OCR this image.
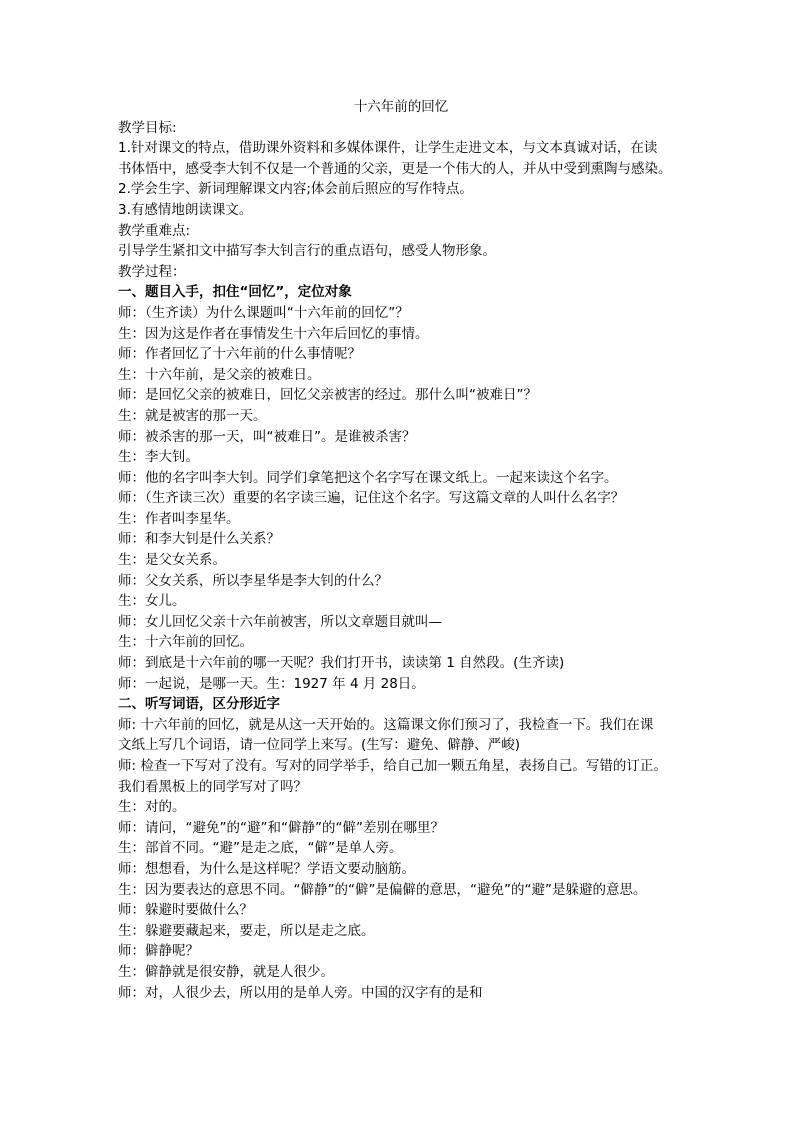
十六年前的回忆

教学目标:

1.针对课文的特点，借助课外资料和多媒体课件，让学生走进文本，与文本真诚对话，在读

书体悟中，感受李大钊不仅是一个普通的父亲，更是一个伟大的人，并从中受到熏陶与感染。

2.学会生字、新词理解课文内容;体会前后照应的写作特点。

3.有感情地朗读课文。

教学重难点:

引导学生紧扣文中描写李大钊言行的重点语句，感受人物形象。

教学过程：

一、题目入手，扣住“回忆”，定位对象

师：（生齐读）为什么课题叫“十六年前的回忆”？

生：因为这是作者在事情发生十六年后回忆的事情。

师：作者回忆了十六年前的什么事情呢？

生：十六年前，是父亲的被难日。

师：是回忆父亲的被难日，回忆父亲被害的经过。那什么叫“被难日”？

生：就是被害的那一天。

师：被杀害的那一天，叫“被难日”。是谁被杀害？

生：李大钊。

师：他的名字叫李大钊。同学们拿笔把这个名字写在课文纸上。一起来读这个名字。

师：（生齐读三次）重要的名字读三遍，记住这个名字。写这篇文章的人叫什么名字？

生：作者叫李星华。

师：和李大钊是什么关系？

生：是父女关系。

师：父女关系，所以李星华是李大钊的什么？

生：女儿。

师：女儿回忆父亲十六年前被害，所以文章题目就叫—

生：十六年前的回忆。

师：到底是十六年前的哪一天呢？我们打开书，读读第 1 自然段。(生齐读)

师：一起说，是哪一天。生：1927 年 4 月 28日。

二、听写词语，区分形近字

师: 十六年前的回忆，就是从这一天开始的。这篇课文你们预习了，我检查一下。我们在课

文纸上写几个词语，请一位同学上来写。(生写：避免、僻静、严峻)

师: 检查一下写对了没有。写对的同学举手，给自己加一颗五角星，表扬自己。写错的订正。

我们看黑板上的同学写对了吗？

生：对的。

师：请问，“避免”的“避”和“僻静”的“僻”差别在哪里？

生：部首不同。“避”是走之底，“僻”是单人旁。

师：想想看，为什么是这样呢？学语文要动脑筋。

生：因为要表达的意思不同。“僻静”的“僻”是偏僻的意思，“避免”的“避”是躲避的意思。

师：躲避时要做什么？

生：躲避要藏起来，要走，所以是走之底。

师：僻静呢？

生：僻静就是很安静，就是人很少。

师：对，人很少去，所以用的是单人旁。中国的汉字有的是和
